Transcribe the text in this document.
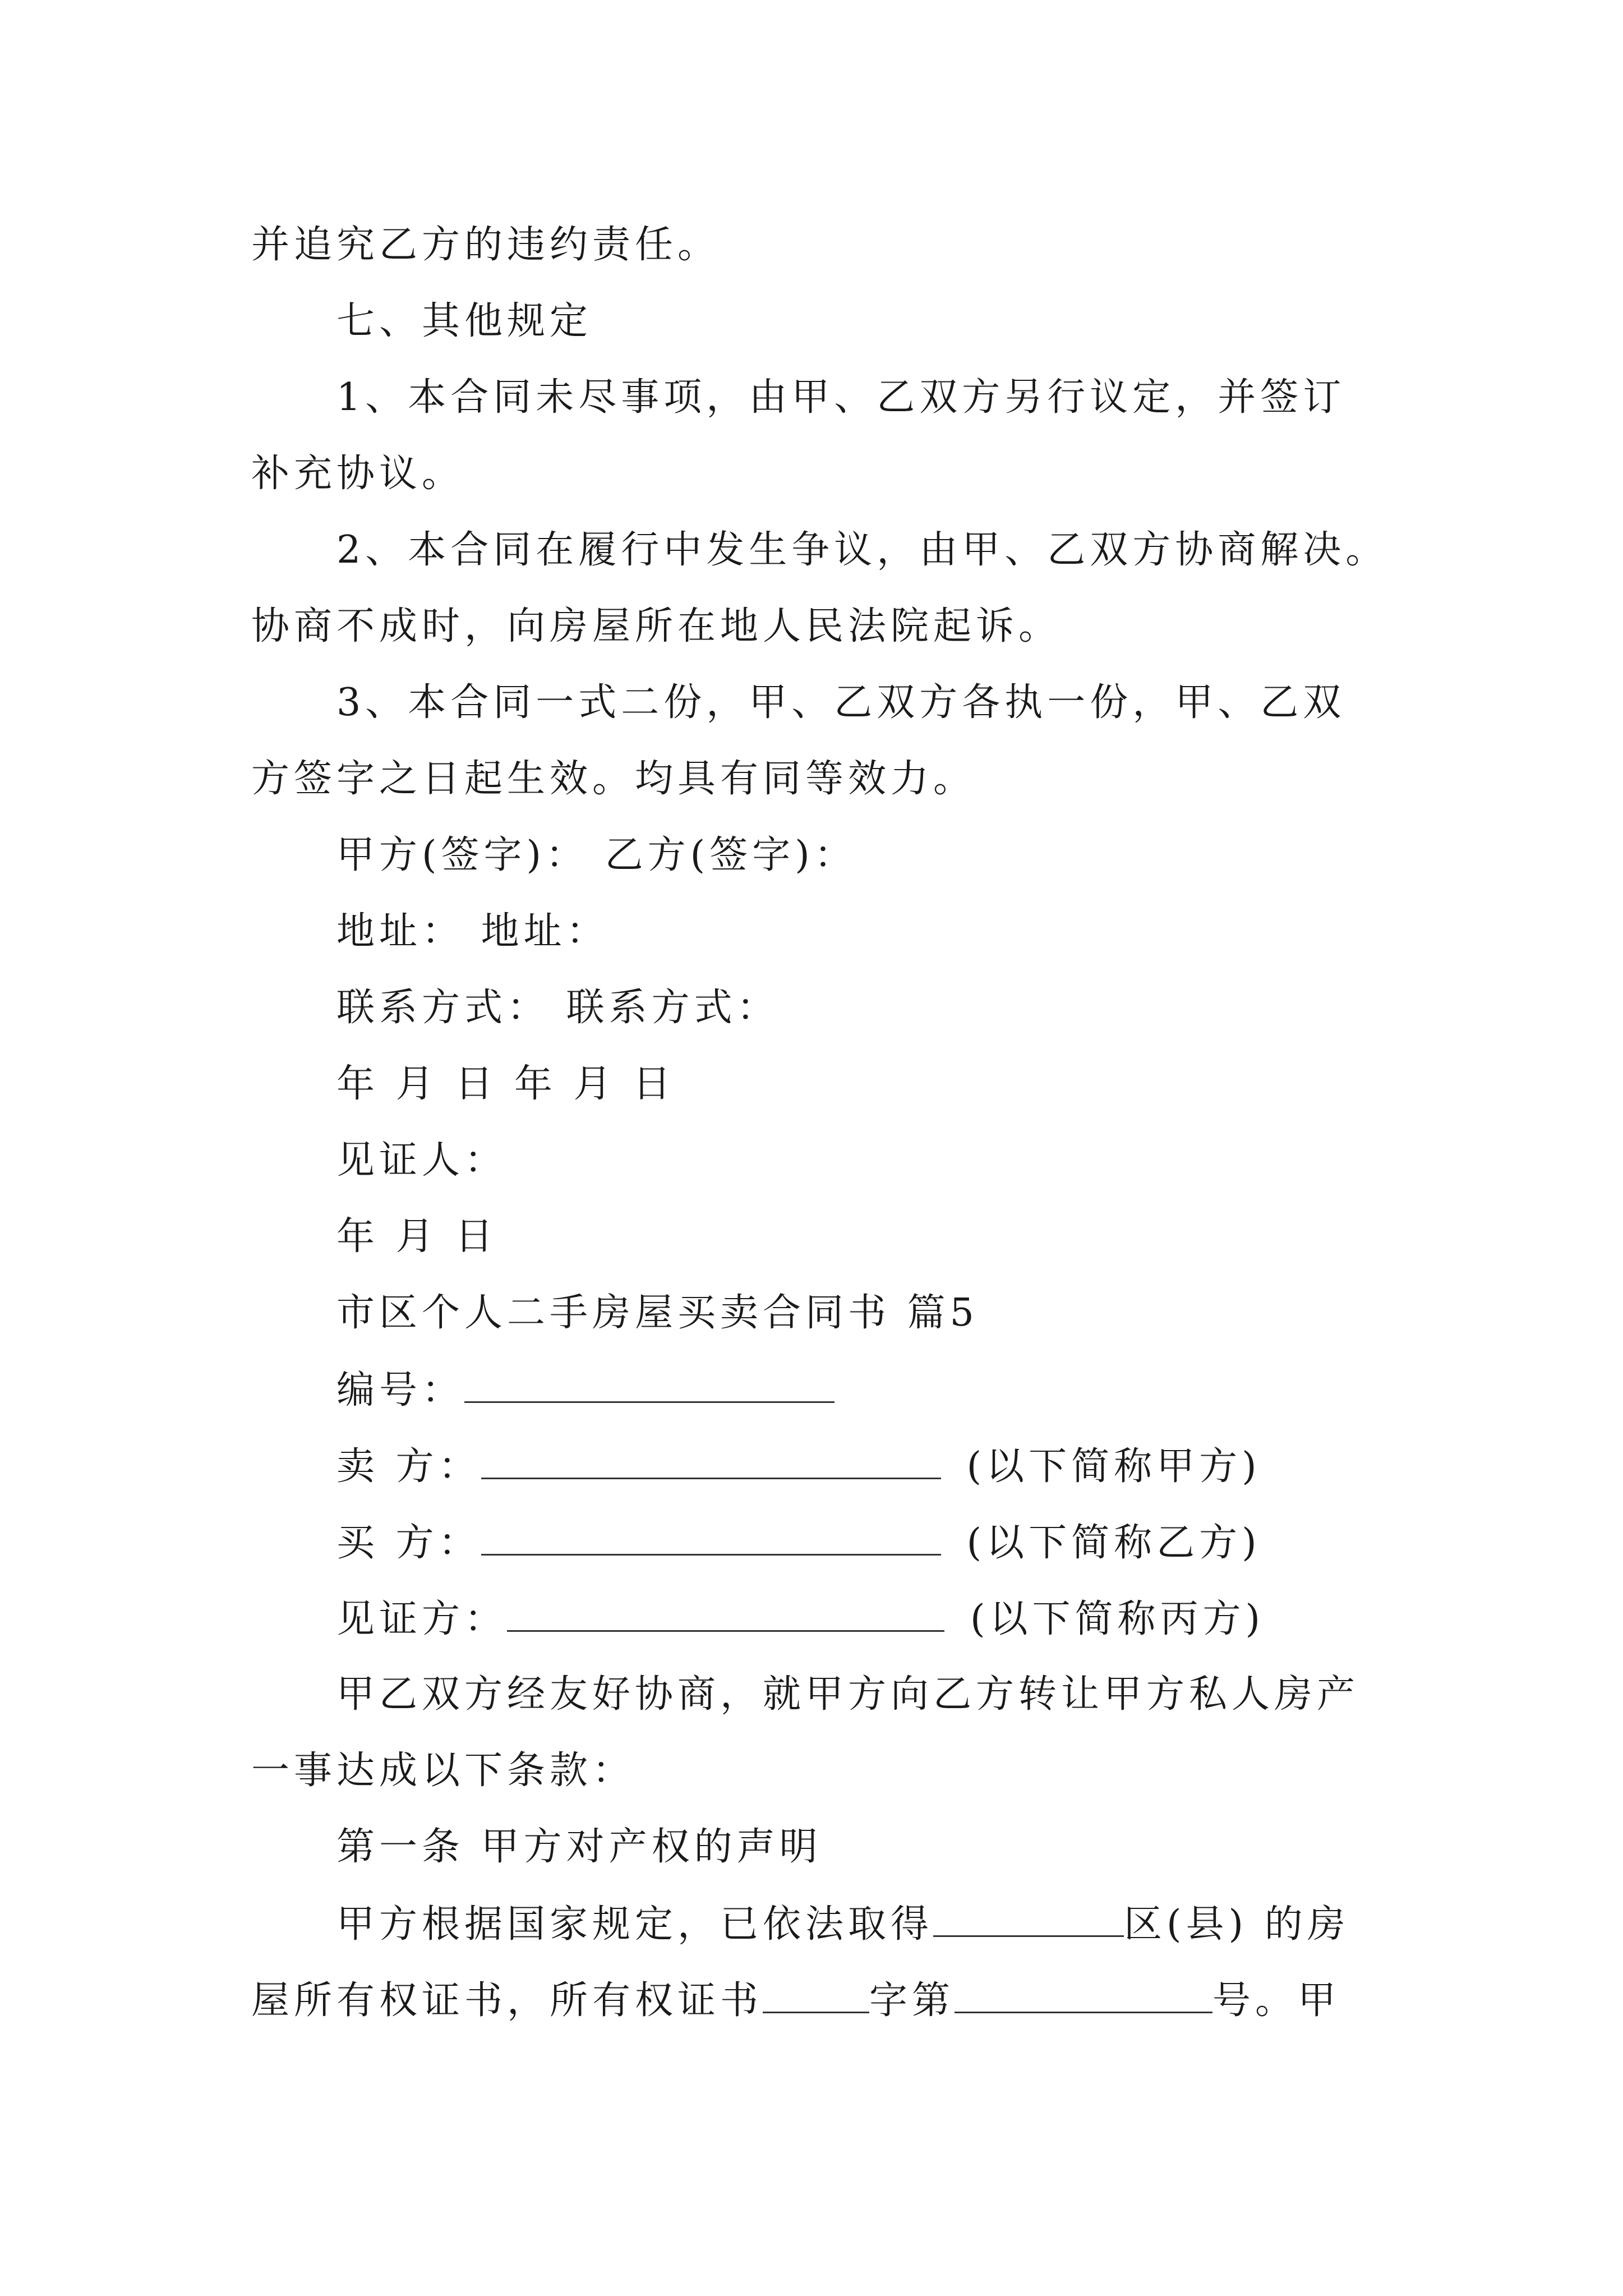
并追究乙方的违约责任。
七、其他规定
1、本合同未尽事项，由甲、乙双方另行议定，并签订
补充协议。
2、本合同在履行中发生争议，由甲、乙双方协商解决。
协商不成时，向房屋所在地人民法院起诉。
3、本合同一式二份，甲、乙双方各执一份，甲、乙双
方签字之日起生效。均具有同等效力。
甲方(签字)： 乙方(签字)：
地址： 地址：
联系方式： 联系方式：
年 月 日 年 月 日
见证人：
年 月 日
市区个人二手房屋买卖合同书 篇5
编号：
卖 方：	(以下简称甲方)
买 方：	(以下简称乙方)
见证方：	(以下简称丙方)
甲乙双方经友好协商，就甲方向乙方转让甲方私人房产
一事达成以下条款：
第一条 甲方对产权的声明
甲方根据国家规定，已依法取得	区(县) 的房
屋所有权证书，所有权证书	字第	号。甲
